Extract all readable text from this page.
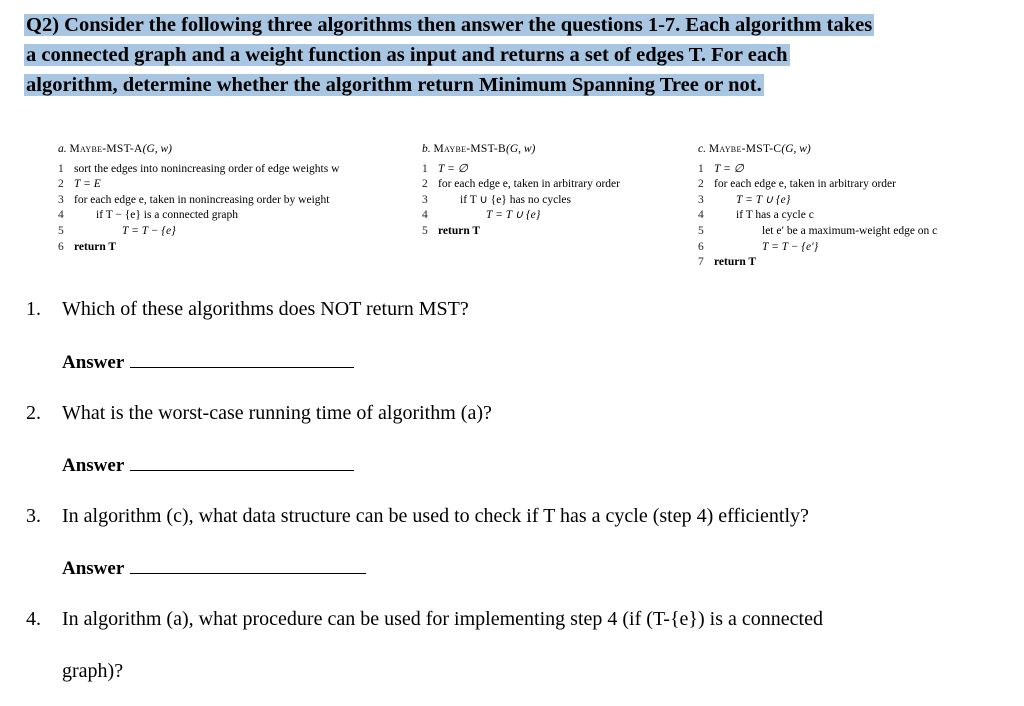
Q2) Consider the following three algorithms then answer the questions 1-7. Each algorithm takes
a connected graph and a weight function as input and returns a set of edges T. For each
algorithm, determine whether the algorithm return Minimum Spanning Tree or not.
a. Maybe-MST-A(G, w)
1 sort the edges into nonincreasing order of edge weights w
2 T = E
3 for each edge e, taken in nonincreasing order by weight
4	if T − {e} is a connected graph
5	T = T − {e}
6 return T
b. Maybe-MST-B(G, w)
1 T = ∅
2 for each edge e, taken in arbitrary order
3	if T ∪ {e} has no cycles
4	T = T ∪ {e}
5 return T
c. Maybe-MST-C(G, w)
1 T = ∅
2 for each edge e, taken in arbitrary order
3	T = T ∪ {e}
4	if T has a cycle c
5	let e′ be a maximum-weight edge on c
6	T = T − {e′}
7 return T
1. Which of these algorithms does NOT return MST?
Answer
2. What is the worst-case running time of algorithm (a)?
Answer
3. In algorithm (c), what data structure can be used to check if T has a cycle (step 4) efficiently?
Answer
4. In algorithm (a), what procedure can be used for implementing step 4 (if (T-{e}) is a connected
graph)?
